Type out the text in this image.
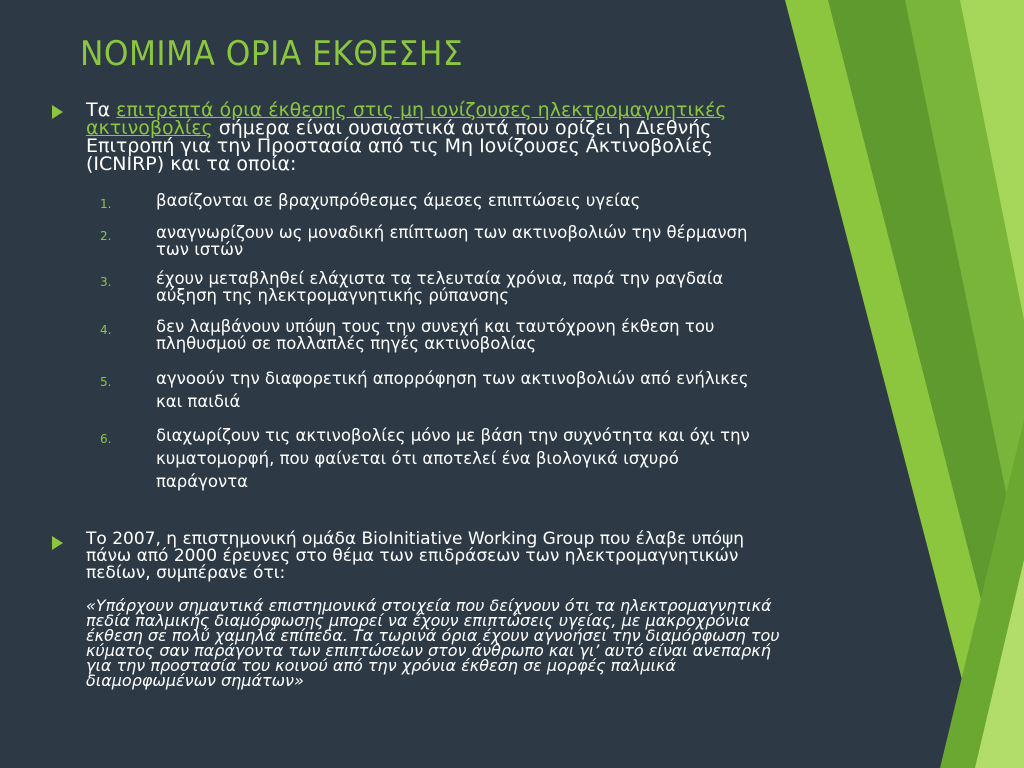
ΝΟΜΙΜΑ ΟΡΙΑ ΕΚΘΕΣΗΣ

Τα επιτρεπτά όρια έκθεσης στις μη ιονίζουσες ηλεκτρομαγνητικές ακτινοβολίες σήμερα είναι ουσιαστικά αυτά που ορίζει η Διεθνής Επιτροπή για την Προστασία από τις Μη Ιονίζουσες Ακτινοβολίες (ICNIRP) και τα οποία:

1.	βασίζονται σε βραχυπρόθεσμες άμεσες επιπτώσεις υγείας

2.	αναγνωρίζουν ως μοναδική επίπτωση των ακτινοβολιών την θέρμανση των ιστών

3.	έχουν μεταβληθεί ελάχιστα τα τελευταία χρόνια, παρά την ραγδαία αύξηση της ηλεκτρομαγνητικής ρύπανσης

4.	δεν λαμβάνουν υπόψη τους την συνεχή και ταυτόχρονη έκθεση του πληθυσμού σε πολλαπλές πηγές ακτινοβολίας

5.	αγνοούν την διαφορετική απορρόφηση των ακτινοβολιών από ενήλικες και παιδιά

6.	διαχωρίζουν τις ακτινοβολίες μόνο με βάση την συχνότητα και όχι την κυματομορφή, που φαίνεται ότι αποτελεί ένα βιολογικά ισχυρό παράγοντα

Το 2007, η επιστημονική ομάδα BioInitiative Working Group που έλαβε υπόψη πάνω από 2000 έρευνες στο θέμα των επιδράσεων των ηλεκτρομαγνητικών πεδίων, συμπέρανε ότι:

«Υπάρχουν σημαντικά επιστημονικά στοιχεία που δείχνουν ότι τα ηλεκτρομαγνητικά πεδία παλμικής διαμόρφωσης μπορεί να έχουν επιπτώσεις υγείας, με μακροχρόνια έκθεση σε πολύ χαμηλά επίπεδα. Τα τωρινά όρια έχουν αγνοήσει την διαμόρφωση του κύματος σαν παράγοντα των επιπτώσεων στον άνθρωπο και γι’ αυτό είναι ανεπαρκή για την προστασία του κοινού από την χρόνια έκθεση σε μορφές παλμικά διαμορφωμένων σημάτων»
